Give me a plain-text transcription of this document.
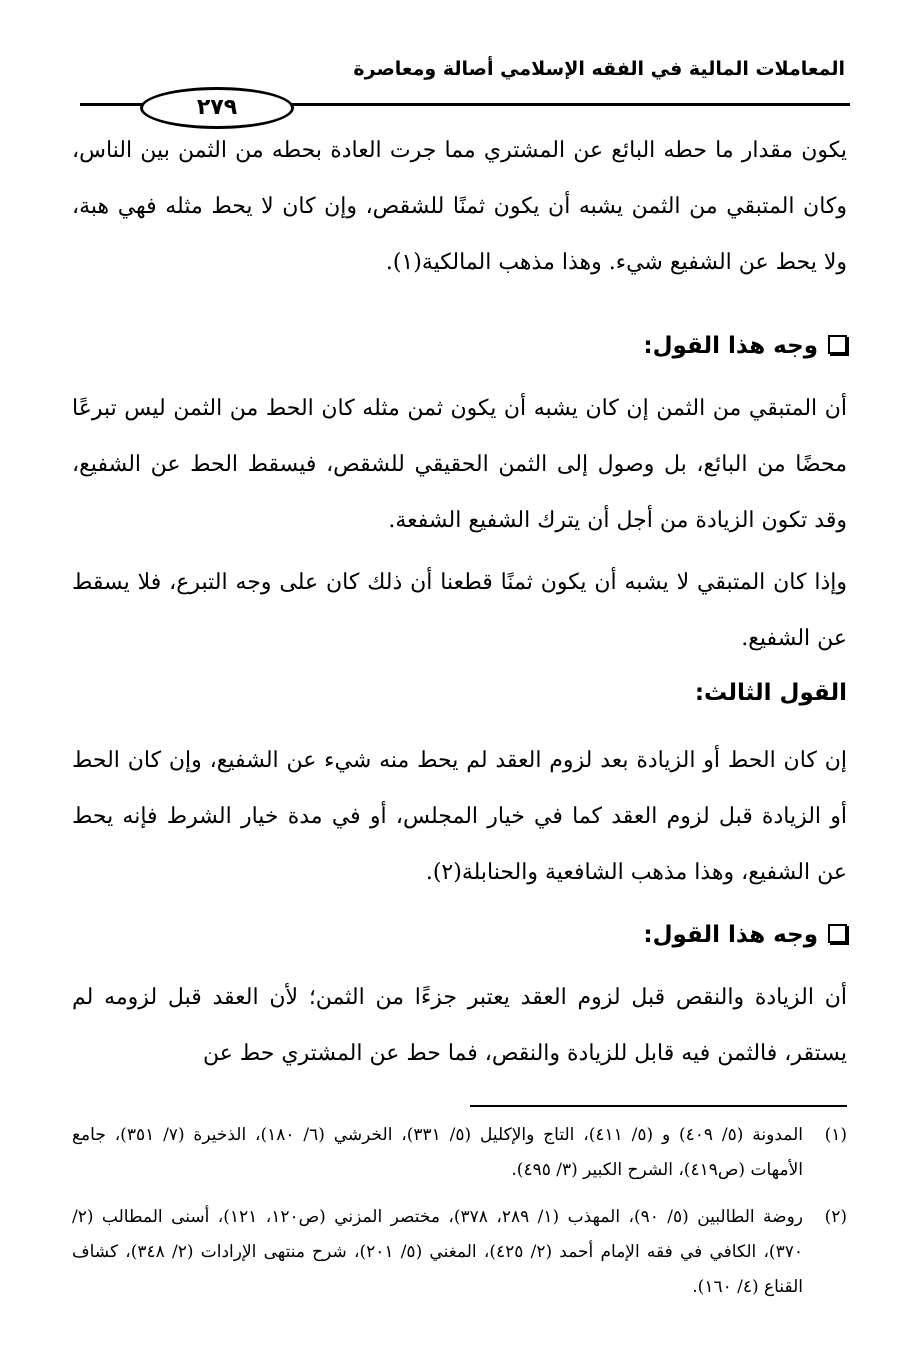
المعاملات المالية في الفقه الإسلامي أصالة ومعاصرة
٢٧٩

يكون مقدار ما حطه البائع عن المشتري مما جرت العادة بحطه من الثمن بين الناس، وكان المتبقي من الثمن يشبه أن يكون ثمنًا للشقص، وإن كان لا يحط مثله فهي هبة، ولا يحط عن الشفيع شيء. وهذا مذهب المالكية(١).

وجه هذا القول:

أن المتبقي من الثمن إن كان يشبه أن يكون ثمن مثله كان الحط من الثمن ليس تبرعًا محضًا من البائع، بل وصول إلى الثمن الحقيقي للشقص، فيسقط الحط عن الشفيع، وقد تكون الزيادة من أجل أن يترك الشفيع الشفعة.

وإذا كان المتبقي لا يشبه أن يكون ثمنًا قطعنا أن ذلك كان على وجه التبرع، فلا يسقط عن الشفيع.

القول الثالث:

إن كان الحط أو الزيادة بعد لزوم العقد لم يحط منه شيء عن الشفيع، وإن كان الحط أو الزيادة قبل لزوم العقد كما في خيار المجلس، أو في مدة خيار الشرط فإنه يحط عن الشفيع، وهذا مذهب الشافعية والحنابلة(٢).

وجه هذا القول:

أن الزيادة والنقص قبل لزوم العقد يعتبر جزءًا من الثمن؛ لأن العقد قبل لزومه لم يستقر، فالثمن فيه قابل للزيادة والنقص، فما حط عن المشتري حط عن

(١)
المدونة (٥/ ٤٠٩) و (٥/ ٤١١)، التاج والإكليل (٥/ ٣٣١)، الخرشي (٦/ ١٨٠)، الذخيرة (٧/ ٣٥١)، جامع الأمهات (ص٤١٩)، الشرح الكبير (٣/ ٤٩٥).
(٢)
روضة الطالبين (٥/ ٩٠)، المهذب (١/ ٢٨٩، ٣٧٨)، مختصر المزني (ص١٢٠، ١٢١)، أسنى المطالب (٢/ ٣٧٠)، الكافي في فقه الإمام أحمد (٢/ ٤٢٥)، المغني (٥/ ٢٠١)، شرح منتهى الإرادات (٢/ ٣٤٨)، كشاف القناع (٤/ ١٦٠).
